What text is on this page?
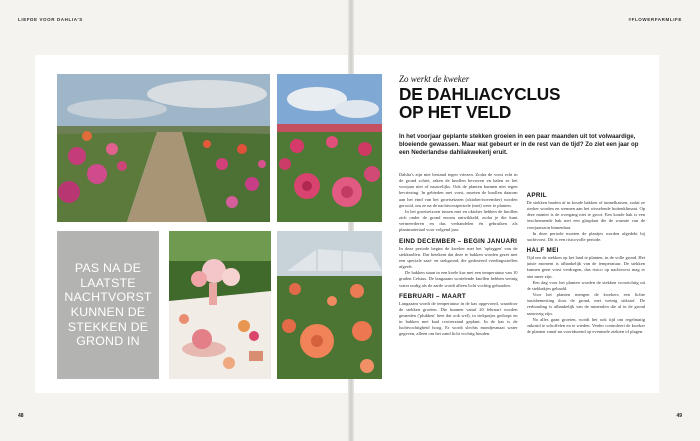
LIEFDE VOOR DAHLIA'S	#FLOWERFARMLIFE
48	49
PAS NA DE LAATSTE NACHTVORST KUNNEN DE STEKKEN DE GROND IN
Zo werkt de kweker
DE DAHLIACYCLUS
OP HET VELD
In het voorjaar geplante stekken groeien in een paar maanden uit tot volwaardige, bloeiende gewassen. Maar wat gebeurt er in de rest van de tijd? Zo ziet een jaar op een Nederlandse dahliakwekerij eruit.

Dahlia's zijn niet bestand tegen vriezen. Zodra de vorst echt in de grond schiet, raken de knollen bevroren en halen ze het voorjaar niet of nauwelijks. Ook de planten kunnen niet tegen bevriezing. In gebieden met vorst, moeten de knollen daarom aan het eind van het groeiseizoen (oktober/november) worden gerooid, om ze na de nachtvorstperiode (mei) weer te planten.

In het groeiseizoen tussen mei en oktober hebben de knollen zich onder de grond enorm ontwikkeld, zodat je die kunt vermeerderen en dus verhandelen én gebruiken als plantmateriaal voor volgend jaar.

EIND DECEMBER – BEGIN JANUARI

In deze periode begint de kweker met het 'opleggen' van de stekknollen. Dat betekent dat deze te bakken worden gezet met een speciale zaai- en stekgrond, die gedoseerd voedingsstoffen afgeeft.

De bakken staan in een koele kas met een temperatuur van 10 graden Celsius. De langzaam wortelende knollen hebben weinig water nodig als de aarde wordt alleen licht vochtig gehouden.

FEBRUARI – MAART

Langzaam wordt de temperatuur in de kas opgevoerd, waardoor de stekken groeien. Die kunnen vanaf 20 februari worden gesneden ('plukken' heet dat ook wel), in stekpotjes gedoopt en in bakken met kaal rvotrerzand geplant. In de kas is de luchtvochtigheid hoog. Er wordt slechts mondjesmaat water gegeven, alleen om het zand licht vochtig houden.

APRIL

De stekken harden af in koude bakken of tunnelkassen, zodat ze sterker worden en wennen aan het wisselende buitenklimaat. Op deze manier is de overgang niet te groot. Een koude bak is een beschermende bak met een glasplaat die de warmte van de voorjaarszon binnenlaat.

In deze periode moeten de plantjes worden afgedekt bij nachtvorst. Dit is een risicovolle periode.

HALF MEI

Tijd om de stekken op het land te planten, in de volle grond. Het juiste moment is afhankelijk van de temperatuur. De stekken kunnen geen vorst verdragen, dus risico op nachtvorst mag er niet meer zijn.

Een dag voor het planten worden de stekken voorzichtig uit de stekbakjes gehaald.

Voor het planten mengen de kwekers een lichte basisbemesting door de grond, met weinig stikstof. De verhouding is afhankelijk van de mineralen die al in de grond aanwezig zijn.

Na alles gaan groeien, wordt het ook tijd om regelmatig onkruid te schoffelen en te wieden. Verder controleert de kweker de planten vanaf nu voortdurend op eventuele ziekten of plagen.
